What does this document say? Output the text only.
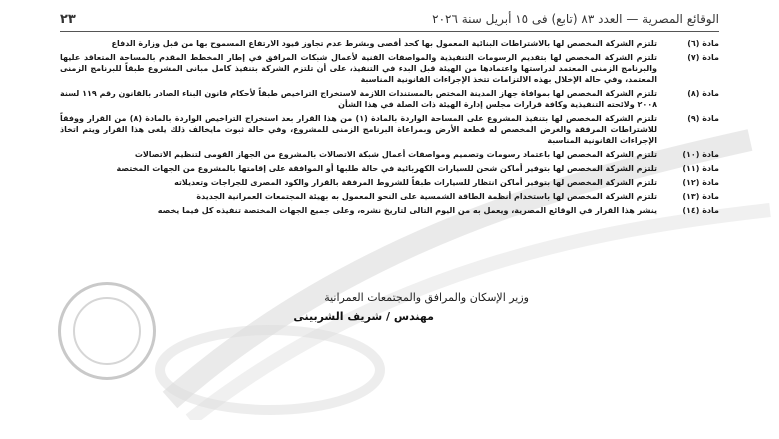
الوقائع المصرية — العدد ٨٣ (تابع) فى ١٥ أبريل سنة ٢٠٢٦
٢٣
مادة (٦)
تلتزم الشركة المخصص لها بالاشتراطات البنائية المعمول بها كحد أقصى وبشرط عدم تجاوز قيود الارتفاع المسموح بها من قبل وزارة الدفاع
مادة (٧)
تلتزم الشركة المخصص لها بتقديم الرسومات التنفيذية والمواصفات الفنية لأعمال شبكات المرافق في إطار المخطط المقدم بالمساحة المتعاقد عليها والبرنامج الزمنى المعتمد لدراستها واعتمادها من الهيئة قبل البدء في التنفيذ، على أن تلتزم الشركة بتنفيذ كامل مبانى المشروع طبقاً للبرنامج الزمنى المعتمد، وفي حالة الإخلال بهذه الالتزامات تتخذ الإجراءات القانونية المناسبة
مادة (٨)
تلتزم الشركة المخصص لها بموافاة جهاز المدينة المختص بالمستندات اللازمة لاستخراج التراخيص طبقاً لأحكام قانون البناء الصادر بالقانون رقم ١١٩ لسنة ٢٠٠٨ ولائحته التنفيذية وكافة قرارات مجلس إدارة الهيئة ذات الصلة في هذا الشأن
مادة (٩)
تلتزم الشركة المخصص لها بتنفيذ المشروع على المساحة الواردة بالمادة (١) من هذا القرار بعد استخراج التراخيص الواردة بالمادة (٨) من القرار ووفقاً للاشتراطات المرفقة والغرض المخصص له قطعة الأرض وبمراعاة البرنامج الزمنى للمشروع، وفي حالة ثبوت مايخالف ذلك يلغى هذا القرار ويتم اتخاذ الإجراءات القانونية المناسبة
مادة (١٠)
تلتزم الشركة المخصص لها باعتماد رسومات وتصميم ومواصفات أعمال شبكة الاتصالات بالمشروع من الجهاز القومى لتنظيم الاتصالات
مادة (١١)
تلتزم الشركة المخصص لها بتوفير أماكن شحن للسيارات الكهربائية في حالة طلبها أو الموافقة على إقامتها بالمشروع من الجهات المختصة
مادة (١٢)
تلتزم الشركة المخصص لها بتوفير أماكن انتظار للسيارات طبقاً للشروط المرفقة بالقرار والكود المصرى للجراجات وتعديلاته
مادة (١٣)
تلتزم الشركة المخصص لها باستخدام أنظمة الطاقة الشمسية على النحو المعمول به بهيئة المجتمعات العمرانية الجديدة
مادة (١٤)
ينشر هذا القرار في الوقائع المصرية، ويعمل به من اليوم التالى لتاريخ نشره، وعلى جميع الجهات المختصة تنفيذه كل فيما يخصه
وزير الإسكان والمرافق والمجتمعات العمرانية
مهندس / شريف الشربينى
